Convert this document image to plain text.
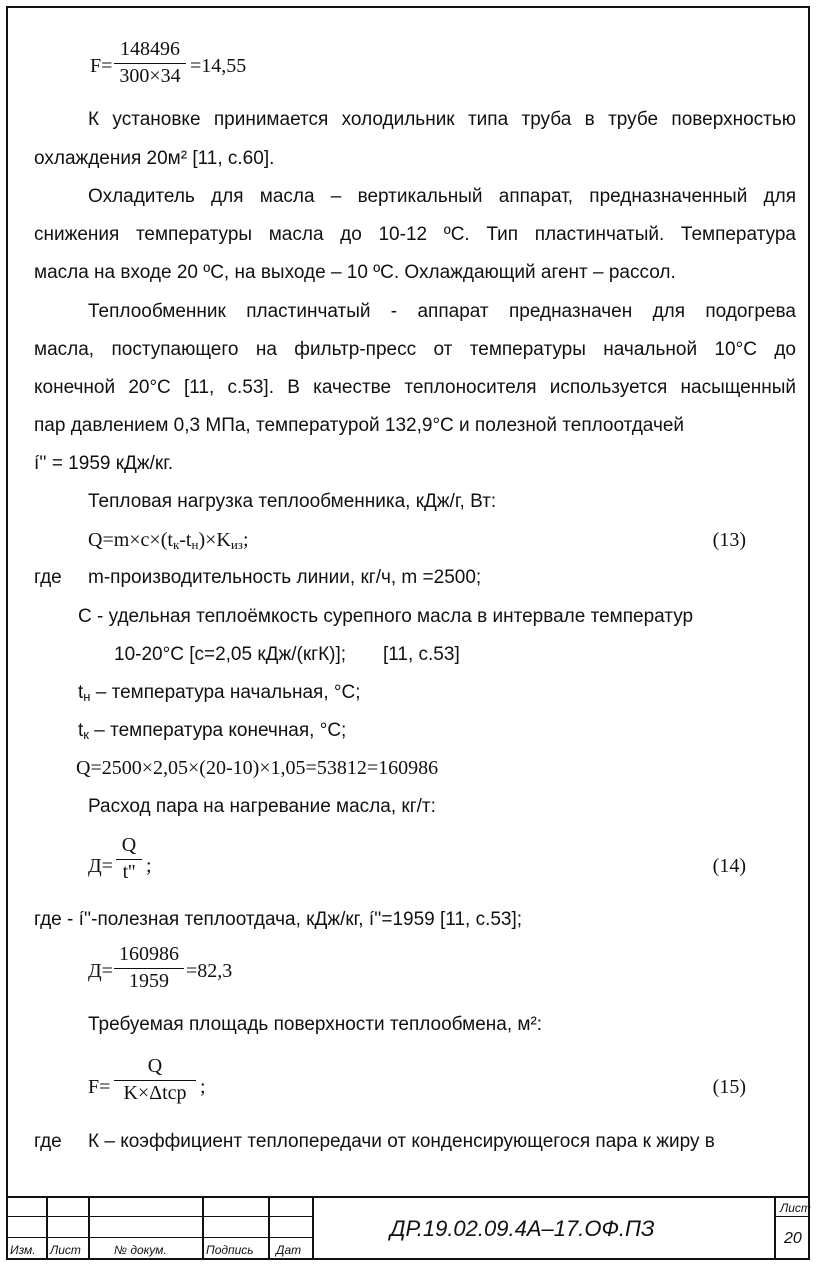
F=
148496
300×34 =14,55

К установке принимается холодильник типа труба в трубе поверхностью

охлаждения 20м² [11, с.60].

Охладитель для масла – вертикальный аппарат, предназначенный для

снижения температуры масла до 10-12 ºС. Тип пластинчатый. Температура

масла на входе 20 ºС, на выходе – 10 ºС. Охлаждающий агент – рассол.

Теплообменник пластинчатый - аппарат предназначен для подогрева

масла, поступающего на фильтр-пресс от температуры начальной 10°С до

конечной 20°С [11, с.53]. В качестве теплоносителя используется насыщенный

пар давлением 0,3 МПа, температурой 132,9°С и полезной теплоотдачей

í'' = 1959 кДж/кг.

Тепловая нагрузка теплообменника, кДж/г, Вт:

$Q=m\times c\times(t_к-t_н)\times K_{из}$;	(13)

где m-производительность линии, кг/ч, m =2500;

С - удельная теплоёмкость сурепного масла в интервале температур

10-20°С [c=2,05 кДж/(кгК)];       [11, с.53]

$t_н$ – температура начальная, °С;
$t_к$ – температура конечная, °С;

Q=2500×2,05×(20-10)×1,05=53812=160986

Расход пара на нагревание масла, кг/т:

Д=
Q
t'' ;	(14)

где - í''-полезная теплоотдача, кДж/кг, í''=1959 [11, с.53];

Д=
160986
1959 =82,3

Требуемая площадь поверхности теплообмена, м²:

F=
Q
K×Δtср ;	(15)

где К – коэффициент теплопередачи от конденсирующегося пара к жиру в

Изм. Лист	№ докум.	Подпись Дат
ДР.19.02.09.4А–17.ОФ.ПЗ
Лист
20
